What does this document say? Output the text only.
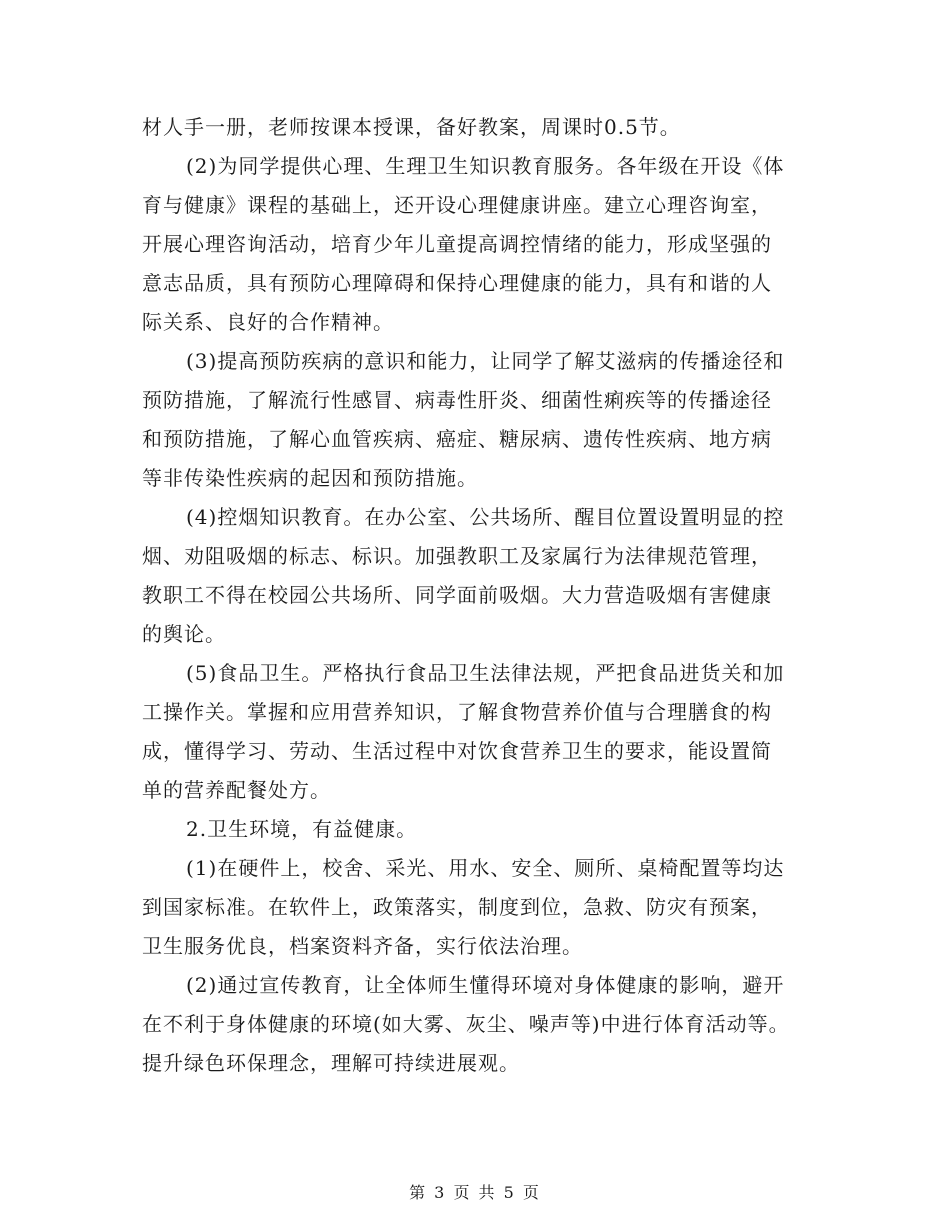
材人手一册，老师按课本授课，备好教案，周课时0.5节。
(2)为同学提供心理、生理卫生知识教育服务。各年级在开设《体
育与健康》课程的基础上，还开设心理健康讲座。建立心理咨询室，
开展心理咨询活动，培育少年儿童提高调控情绪的能力，形成坚强的
意志品质，具有预防心理障碍和保持心理健康的能力，具有和谐的人
际关系、良好的合作精神。
(3)提高预防疾病的意识和能力，让同学了解艾滋病的传播途径和
预防措施，了解流行性感冒、病毒性肝炎、细菌性痢疾等的传播途径
和预防措施，了解心血管疾病、癌症、糖尿病、遗传性疾病、地方病
等非传染性疾病的起因和预防措施。
(4)控烟知识教育。在办公室、公共场所、醒目位置设置明显的控
烟、劝阻吸烟的标志、标识。加强教职工及家属行为法律规范管理，
教职工不得在校园公共场所、同学面前吸烟。大力营造吸烟有害健康
的舆论。
(5)食品卫生。严格执行食品卫生法律法规，严把食品进货关和加
工操作关。掌握和应用营养知识，了解食物营养价值与合理膳食的构
成，懂得学习、劳动、生活过程中对饮食营养卫生的要求，能设置简
单的营养配餐处方。
2.卫生环境，有益健康。
(1)在硬件上，校舍、采光、用水、安全、厕所、桌椅配置等均达
到国家标准。在软件上，政策落实，制度到位，急救、防灾有预案，
卫生服务优良，档案资料齐备，实行依法治理。
(2)通过宣传教育，让全体师生懂得环境对身体健康的影响，避开
在不利于身体健康的环境(如大雾、灰尘、噪声等)中进行体育活动等。
提升绿色环保理念，理解可持续进展观。
第 3 页 共 5 页
